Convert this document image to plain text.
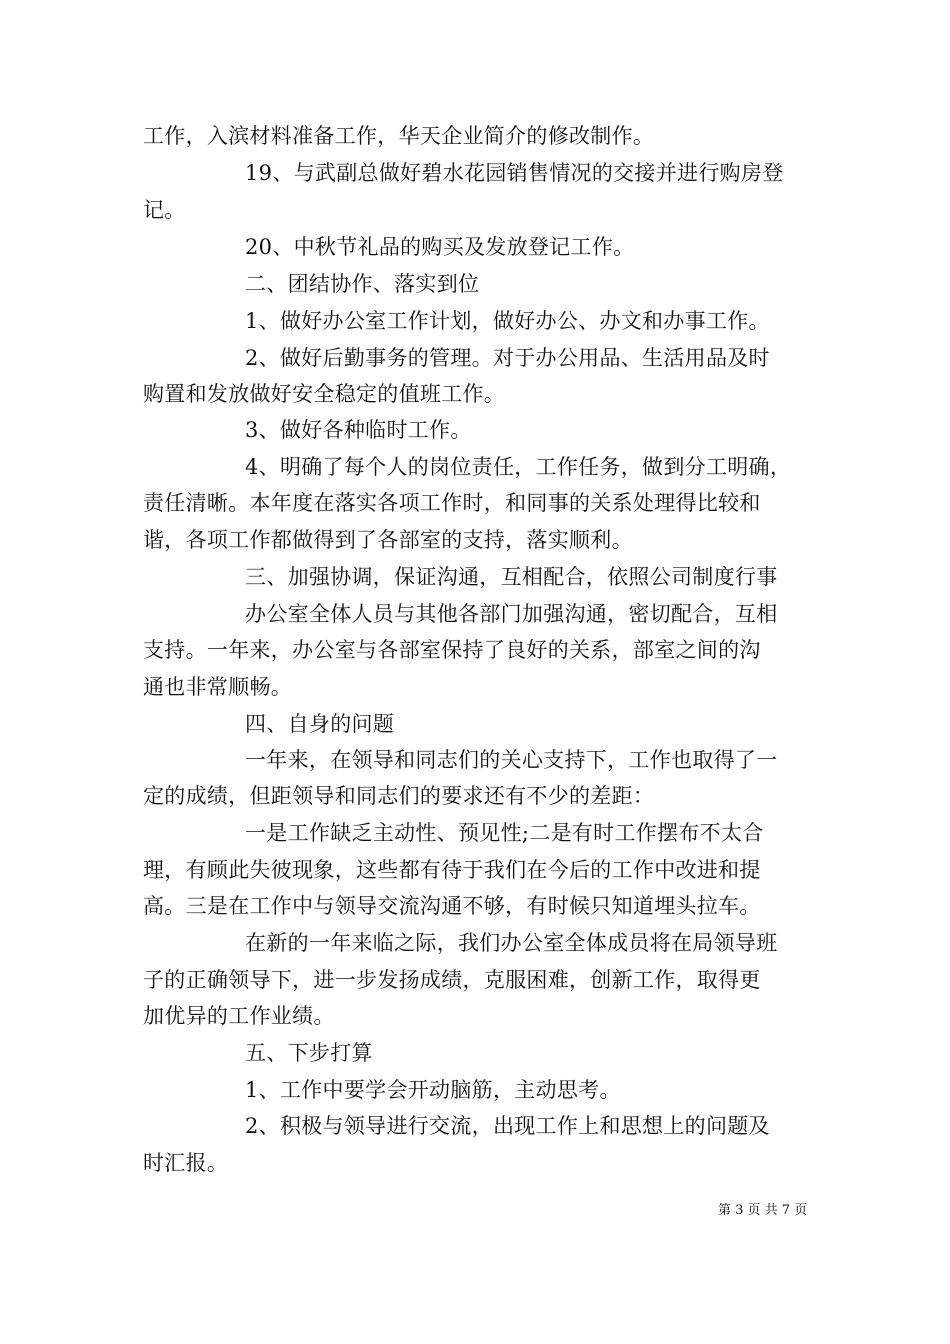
工作，入滨材料准备工作，华天企业简介的修改制作。
19、与武副总做好碧水花园销售情况的交接并进行购房登
记。
20、中秋节礼品的购买及发放登记工作。
二、团结协作、落实到位
1、做好办公室工作计划，做好办公、办文和办事工作。
2、做好后勤事务的管理。对于办公用品、生活用品及时
购置和发放做好安全稳定的值班工作。
3、做好各种临时工作。
4、明确了每个人的岗位责任，工作任务，做到分工明确，
责任清晰。本年度在落实各项工作时，和同事的关系处理得比较和
谐，各项工作都做得到了各部室的支持，落实顺利。
三、加强协调，保证沟通，互相配合，依照公司制度行事
办公室全体人员与其他各部门加强沟通，密切配合，互相
支持。一年来，办公室与各部室保持了良好的关系，部室之间的沟
通也非常顺畅。
四、自身的问题
一年来，在领导和同志们的关心支持下，工作也取得了一
定的成绩，但距领导和同志们的要求还有不少的差距：
一是工作缺乏主动性、预见性;二是有时工作摆布不太合
理，有顾此失彼现象，这些都有待于我们在今后的工作中改进和提
高。三是在工作中与领导交流沟通不够，有时候只知道埋头拉车。
在新的一年来临之际，我们办公室全体成员将在局领导班
子的正确领导下，进一步发扬成绩，克服困难，创新工作，取得更
加优异的工作业绩。
五、下步打算
1、工作中要学会开动脑筋，主动思考。
2、积极与领导进行交流，出现工作上和思想上的问题及
时汇报。
第 3 页 共 7 页
